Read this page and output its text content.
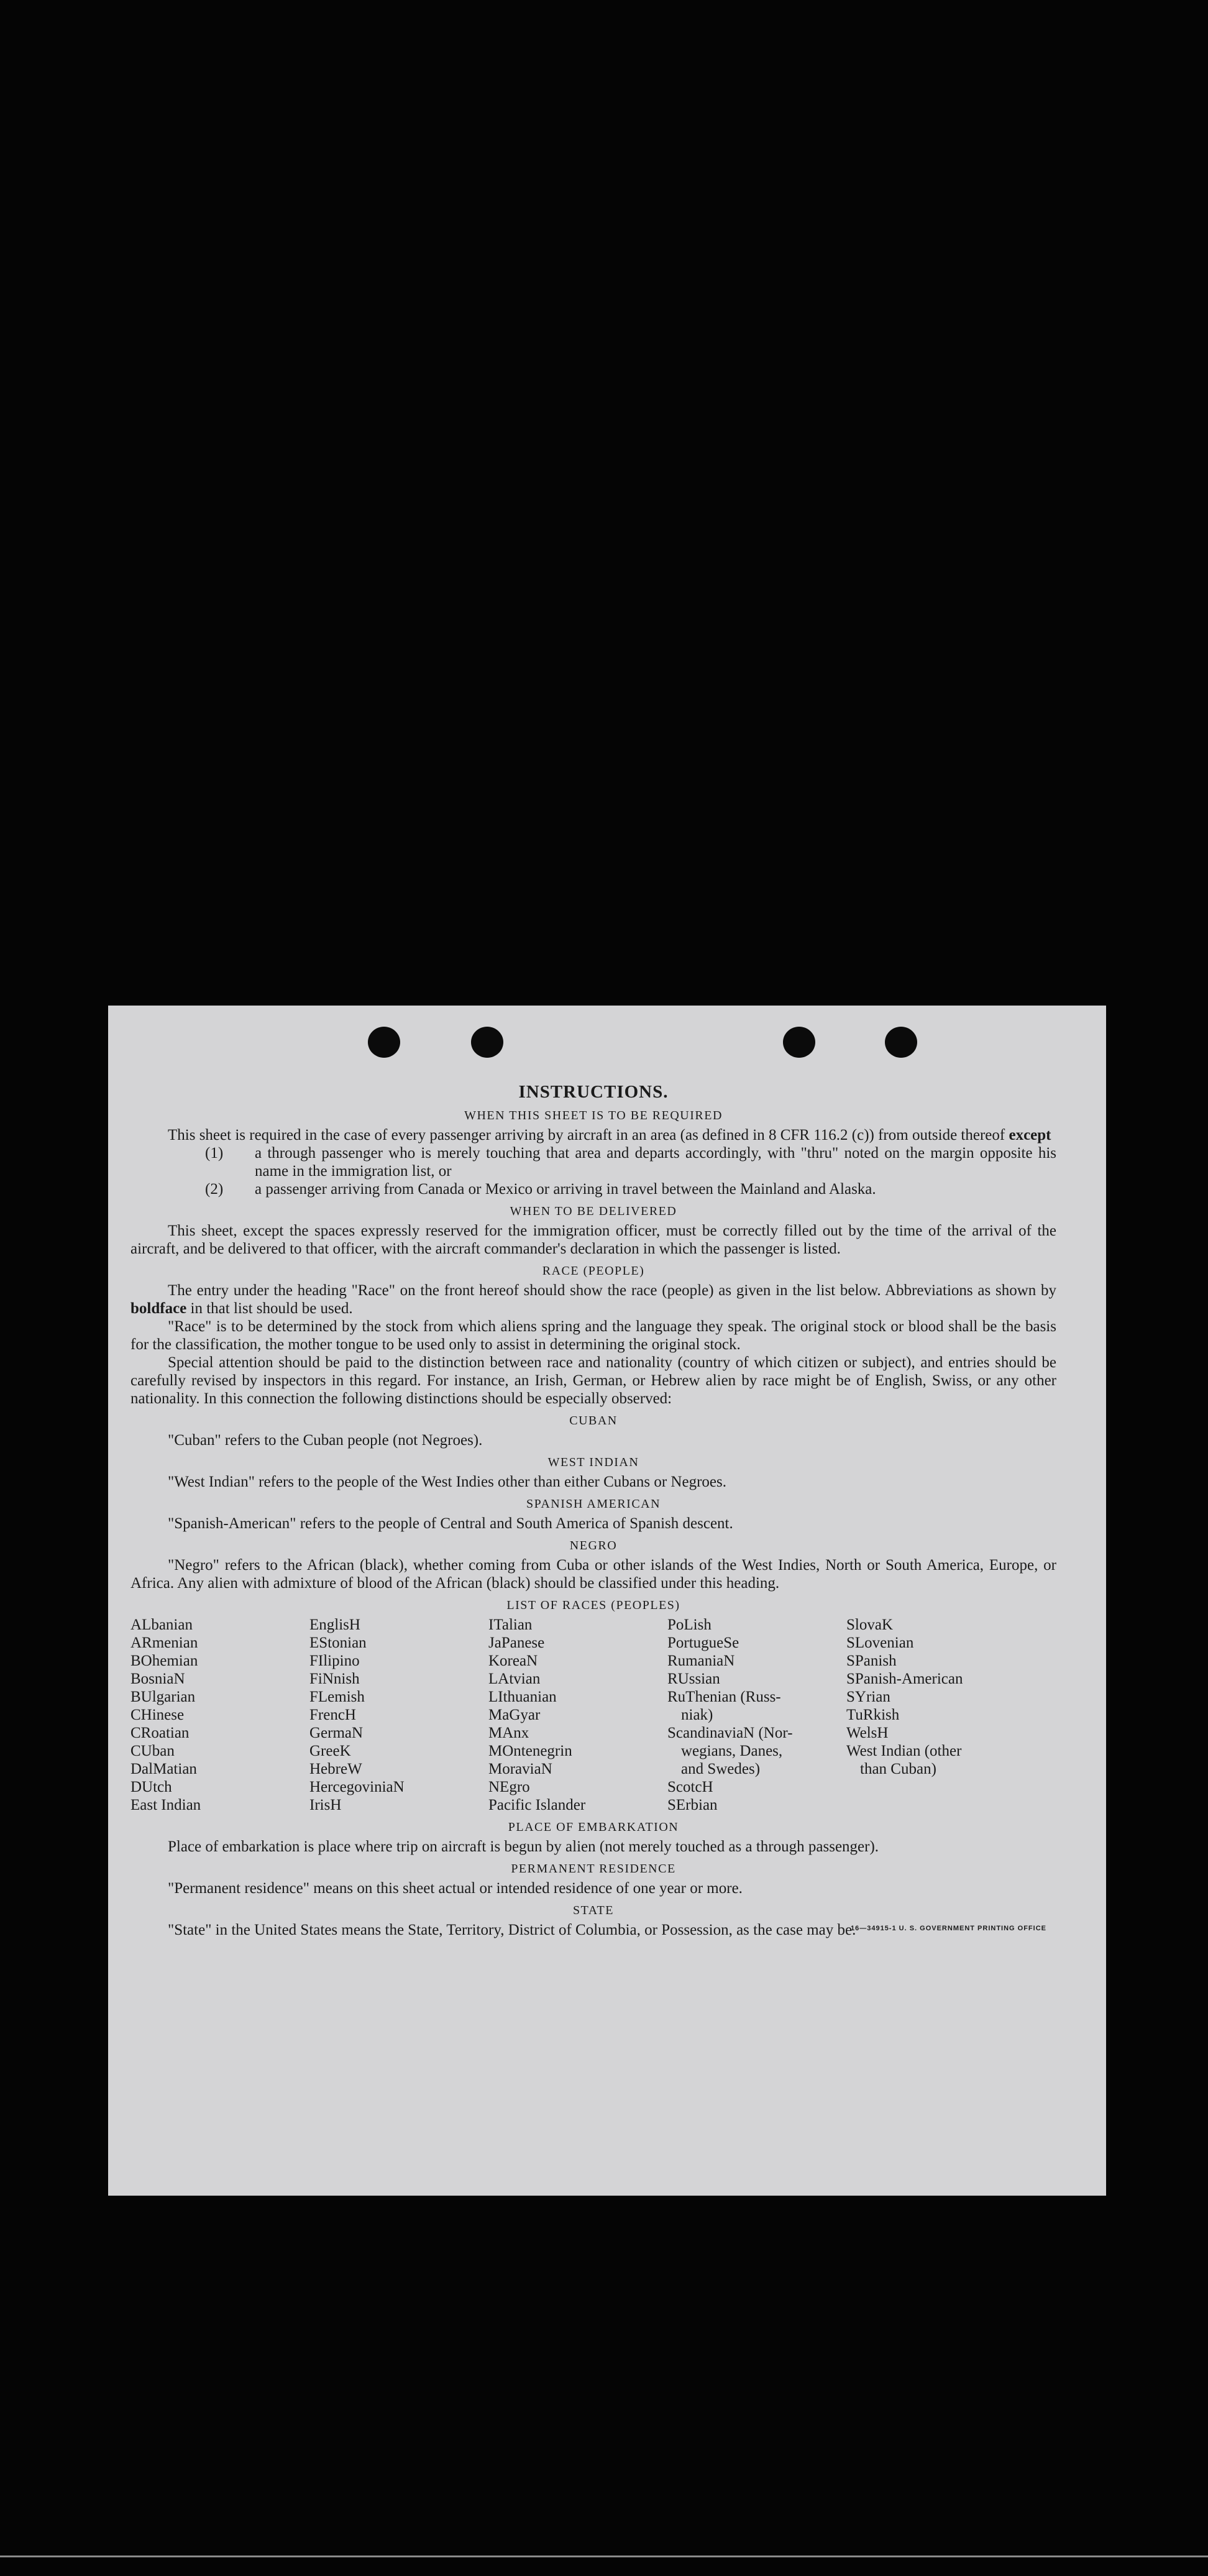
INSTRUCTIONS.
WHEN THIS SHEET IS TO BE REQUIRED

This sheet is required in the case of every passenger arriving by aircraft in an area (as defined in 8 CFR 116.2 (c)) from outside thereof except

(1) a through passenger who is merely touching that area and departs accordingly, with "thru" noted on the margin opposite his name in the immigration list, or
(2) a passenger arriving from Canada or Mexico or arriving in travel between the Mainland and Alaska.
WHEN TO BE DELIVERED

This sheet, except the spaces expressly reserved for the immigration officer, must be correctly filled out by the time of the arrival of the aircraft, and be delivered to that officer, with the aircraft commander's declaration in which the passenger is listed.

RACE (PEOPLE)

The entry under the heading "Race" on the front hereof should show the race (people) as given in the list below. Abbreviations as shown by boldface in that list should be used.

"Race" is to be determined by the stock from which aliens spring and the language they speak. The original stock or blood shall be the basis for the classification, the mother tongue to be used only to assist in determining the original stock.

Special attention should be paid to the distinction between race and nationality (country of which citizen or subject), and entries should be carefully revised by inspectors in this regard. For instance, an Irish, German, or Hebrew alien by race might be of English, Swiss, or any other nationality. In this connection the following distinctions should be especially observed:

CUBAN

"Cuban" refers to the Cuban people (not Negroes).

WEST INDIAN

"West Indian" refers to the people of the West Indies other than either Cubans or Negroes.

SPANISH AMERICAN

"Spanish-American" refers to the people of Central and South America of Spanish descent.

NEGRO

"Negro" refers to the African (black), whether coming from Cuba or other islands of the West Indies, North or South America, Europe, or Africa. Any alien with admixture of blood of the African (black) should be classified under this heading.

LIST OF RACES (PEOPLES)
ALbanian
ARmenian
BOhemian
BosniaN
BUlgarian
CHinese
CRoatian
CUban
DalMatian
DUtch
East Indian
EnglisH
EStonian
FIlipino
FiNnish
FLemish
FrencH
GermaN
GreeK
HebreW
HercegoviniaN
IrisH
ITalian
JaPanese
KoreaN
LAtvian
LIthuanian
MaGyar
MAnx
MOntenegrin
MoraviaN
NEgro
Pacific Islander
PoLish
PortugueSe
RumaniaN
RUssian
RuThenian (Russ-
niak)
ScandinaviaN (Nor-
wegians, Danes,
and Swedes)
ScotcH
SErbian
SlovaK
SLovenian
SPanish
SPanish-American
SYrian
TuRkish
WelsH
West Indian (other
than Cuban)
PLACE OF EMBARKATION

Place of embarkation is place where trip on aircraft is begun by alien (not merely touched as a through passenger).

PERMANENT RESIDENCE

"Permanent residence" means on this sheet actual or intended residence of one year or more.

STATE

"State" in the United States means the State, Territory, District of Columbia, or Possession, as the case may be.

16—34915-1 U. S. GOVERNMENT PRINTING OFFICE
